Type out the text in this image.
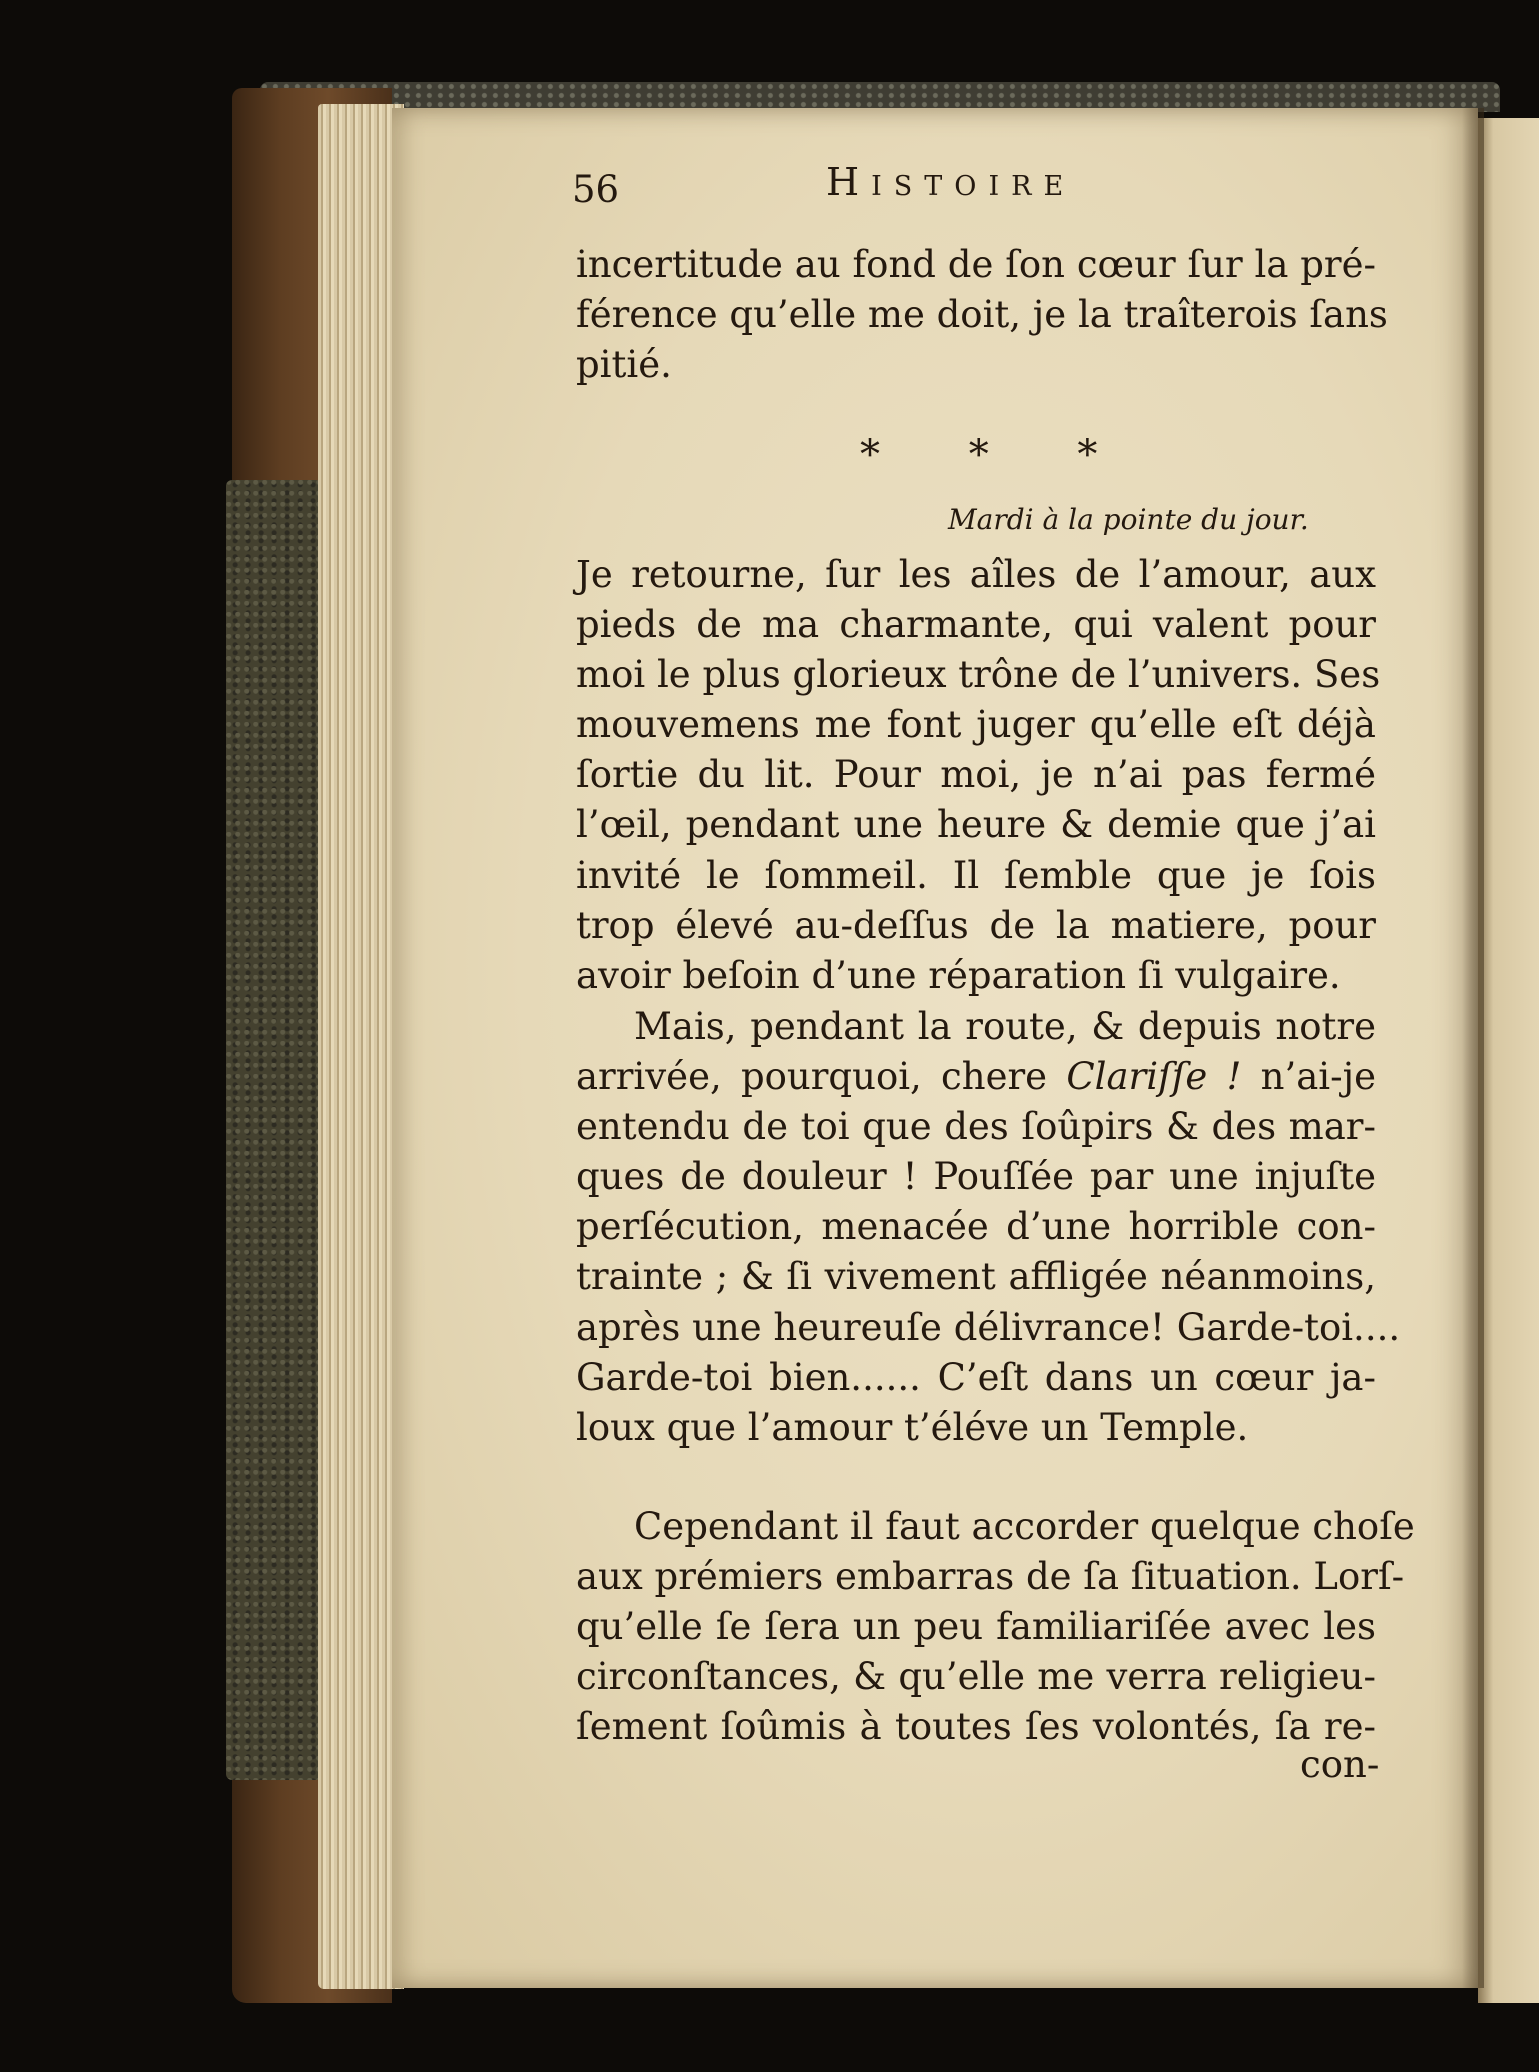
56	Histoire
incertitude au fond de ſon cœur ſur la pré-
férence qu’elle me doit, je la traîterois ſans
pitié.
* * *
Mardi à la pointe du jour.
Je retourne, ſur les aîles de l’amour, aux
pieds de ma charmante, qui valent pour
moi le plus glorieux trône de l’univers. Ses
mouvemens me font juger qu’elle eſt déjà
ſortie du lit. Pour moi, je n’ai pas fermé
l’œil, pendant une heure & demie que j’ai
invité le ſommeil. Il ſemble que je ſois
trop élevé au-deſſus de la matiere, pour
avoir beſoin d’une réparation ſi vulgaire.
Mais, pendant la route, & depuis notre
arrivée, pourquoi, chere Clariſſe ! n’ai-je
entendu de toi que des ſoûpirs & des mar-
ques de douleur ! Pouſſée par une injuſte
perſécution, menacée d’une horrible con-
trainte ; & ſi vivement affligée néanmoins,
après une heureuſe délivrance! Garde-toi....
Garde-toi bien...... C’eſt dans un cœur ja-
loux que l’amour t’éléve un Temple.
Cependant il faut accorder quelque choſe
aux prémiers embarras de ſa ſituation. Lorſ-
qu’elle ſe ſera un peu familiariſée avec les
circonſtances, & qu’elle me verra religieu-
ſement ſoûmis à toutes ſes volontés, ſa re-
con-
